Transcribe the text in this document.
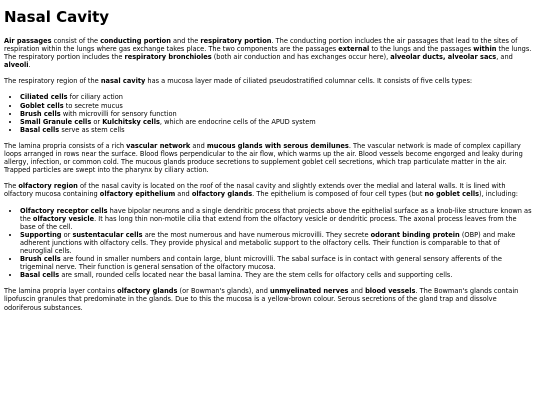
Nasal Cavity

Air passages consist of the conducting portion and the respiratory portion. The conducting portion includes the air passages that lead to the sites of respiration within the lungs where gas exchange takes place. The two components are the passages external to the lungs and the passages within the lungs. The respiratory portion includes the respiratory bronchioles (both air conduction and has exchanges occur here), alveolar ducts, alveolar sacs, and alveoli.

The respiratory region of the nasal cavity has a mucosa layer made of ciliated pseudostratified columnar cells. It consists of five cells types:

• Ciliated cells for ciliary action
• Goblet cells to secrete mucus
• Brush cells with microvilli for sensory function
• Small Granule cells or Kulchitsky cells, which are endocrine cells of the APUD system
• Basal cells serve as stem cells

The lamina propria consists of a rich vascular network and mucous glands with serous demilunes. The vascular network is made of complex capillary loops arranged in rows near the surface. Blood flows perpendicular to the air flow, which warms up the air. Blood vessels become engorged and leaky during allergy, infection, or common cold. The mucous glands produce secretions to supplement goblet cell secretions, which trap particulate matter in the air. Trapped particles are swept into the pharynx by ciliary action.

The olfactory region of the nasal cavity is located on the roof of the nasal cavity and slightly extends over the medial and lateral walls. It is lined with olfactory mucosa containing olfactory epithelium and olfactory glands. The epithelium is composed of four cell types (but no goblet cells), including:

• Olfactory receptor cells have bipolar neurons and a single dendritic process that projects above the epithelial surface as a knob-like structure known as the olfactory vesicle. It has long thin non-motile cilia that extend from the olfactory vesicle or dendritic process. The axonal process leaves from the base of the cell.
• Supporting or sustentacular cells are the most numerous and have numerous microvilli. They secrete odorant binding protein (OBP) and make adherent junctions with olfactory cells. They provide physical and metabolic support to the olfactory cells. Their function is comparable to that of neuroglial cells.
• Brush cells are found in smaller numbers and contain large, blunt microvilli. The sabal surface is in contact with general sensory afferents of the trigeminal nerve. Their function is general sensation of the olfactory mucosa.
• Basal cells are small, rounded cells located near the basal lamina. They are the stem cells for olfactory cells and supporting cells.

The lamina propria layer contains olfactory glands (or Bowman's glands), and unmyelinated nerves and blood vessels. The Bowman's glands contain lipofuscin granules that predominate in the glands. Due to this the mucosa is a yellow-brown colour. Serous secretions of the gland trap and dissolve odoriferous substances.
